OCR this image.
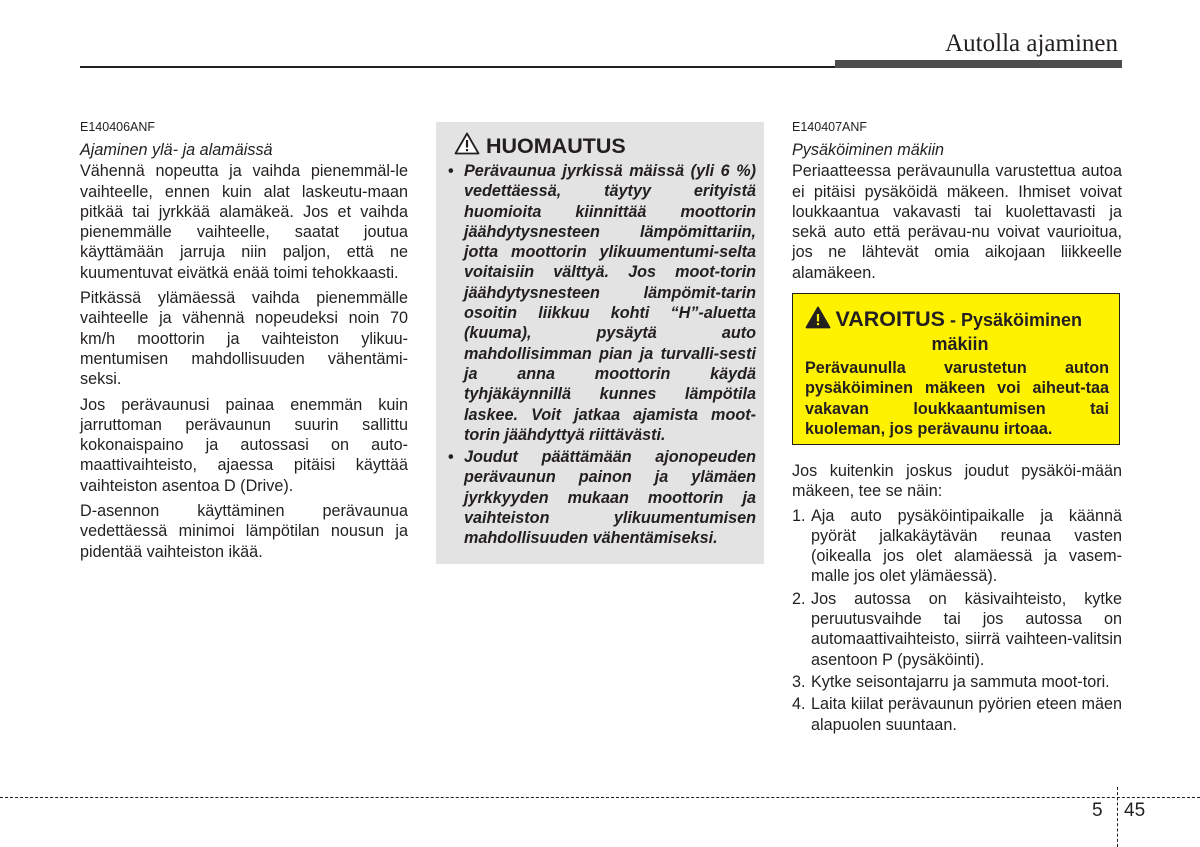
Autolla ajaminen
E140406ANF
Ajaminen ylä- ja alamäissä
Vähennä nopeutta ja vaihda pienemmäl-le vaihteelle, ennen kuin alat laskeutu-maan pitkää tai jyrkkää alamäkeä. Jos et vaihda pienemmälle vaihteelle, saatat joutua käyttämään jarruja niin paljon, että ne kuumentuvat eivätkä enää toimi tehokkaasti.
Pitkässä ylämäessä vaihda pienemmälle vaihteelle ja vähennä nopeudeksi noin 70 km/h moottorin ja vaihteiston ylikuu-mentumisen mahdollisuuden vähentämi-seksi.
Jos perävaunusi painaa enemmän kuin jarruttoman perävaunun suurin sallittu kokonaispaino ja autossasi on auto-maattivaihteisto, ajaessa pitäisi käyttää vaihteiston asentoa D (Drive).
D-asennon käyttäminen perävaunua vedettäessä minimoi lämpötilan nousun ja pidentää vaihteiston ikää.
HUOMAUTUS
• Perävaunua jyrkissä mäissä (yli 6 %) vedettäessä, täytyy erityistä huomioita kiinnittää moottorin jäähdytysnesteen lämpömittariin, jotta moottorin ylikuumentumi-selta voitaisiin välttyä. Jos moot-torin jäähdytysnesteen lämpömit-tarin osoitin liikkuu kohti “H”-aluetta (kuuma), pysäytä auto mahdollisimman pian ja turvalli-sesti ja anna moottorin käydä tyhjäkäynnillä kunnes lämpötila laskee. Voit jatkaa ajamista moot-torin jäähdyttyä riittävästi.
• Joudut päättämään ajonopeuden perävaunun painon ja ylämäen jyrkkyyden mukaan moottorin ja vaihteiston ylikuumentumisen mahdollisuuden vähentämiseksi.
E140407ANF
Pysäköiminen mäkiin
Periaatteessa perävaunulla varustettua autoa ei pitäisi pysäköidä mäkeen. Ihmiset voivat loukkaantua vakavasti tai kuolettavasti ja sekä auto että perävau-nu voivat vaurioitua, jos ne lähtevät omia aikojaan liikkeelle alamäkeen.
VAROITUS - Pysäköiminen
mäkiin
Perävaunulla varustetun auton pysäköiminen mäkeen voi aiheut-taa vakavan loukkaantumisen tai kuoleman, jos perävaunu irtoaa.
Jos kuitenkin joskus joudut pysäköi-mään mäkeen, tee se näin:
1. Aja auto pysäköintipaikalle ja käännä pyörät jalkakäytävän reunaa vasten (oikealla jos olet alamäessä ja vasem-malle jos olet ylämäessä).
2. Jos autossa on käsivaihteisto, kytke peruutusvaihde tai jos autossa on automaattivaihteisto, siirrä vaihteen-valitsin asentoon P (pysäköinti).
3. Kytke seisontajarru ja sammuta moot-tori.
4. Laita kiilat perävaunun pyörien eteen mäen alapuolen suuntaan.
5 45
